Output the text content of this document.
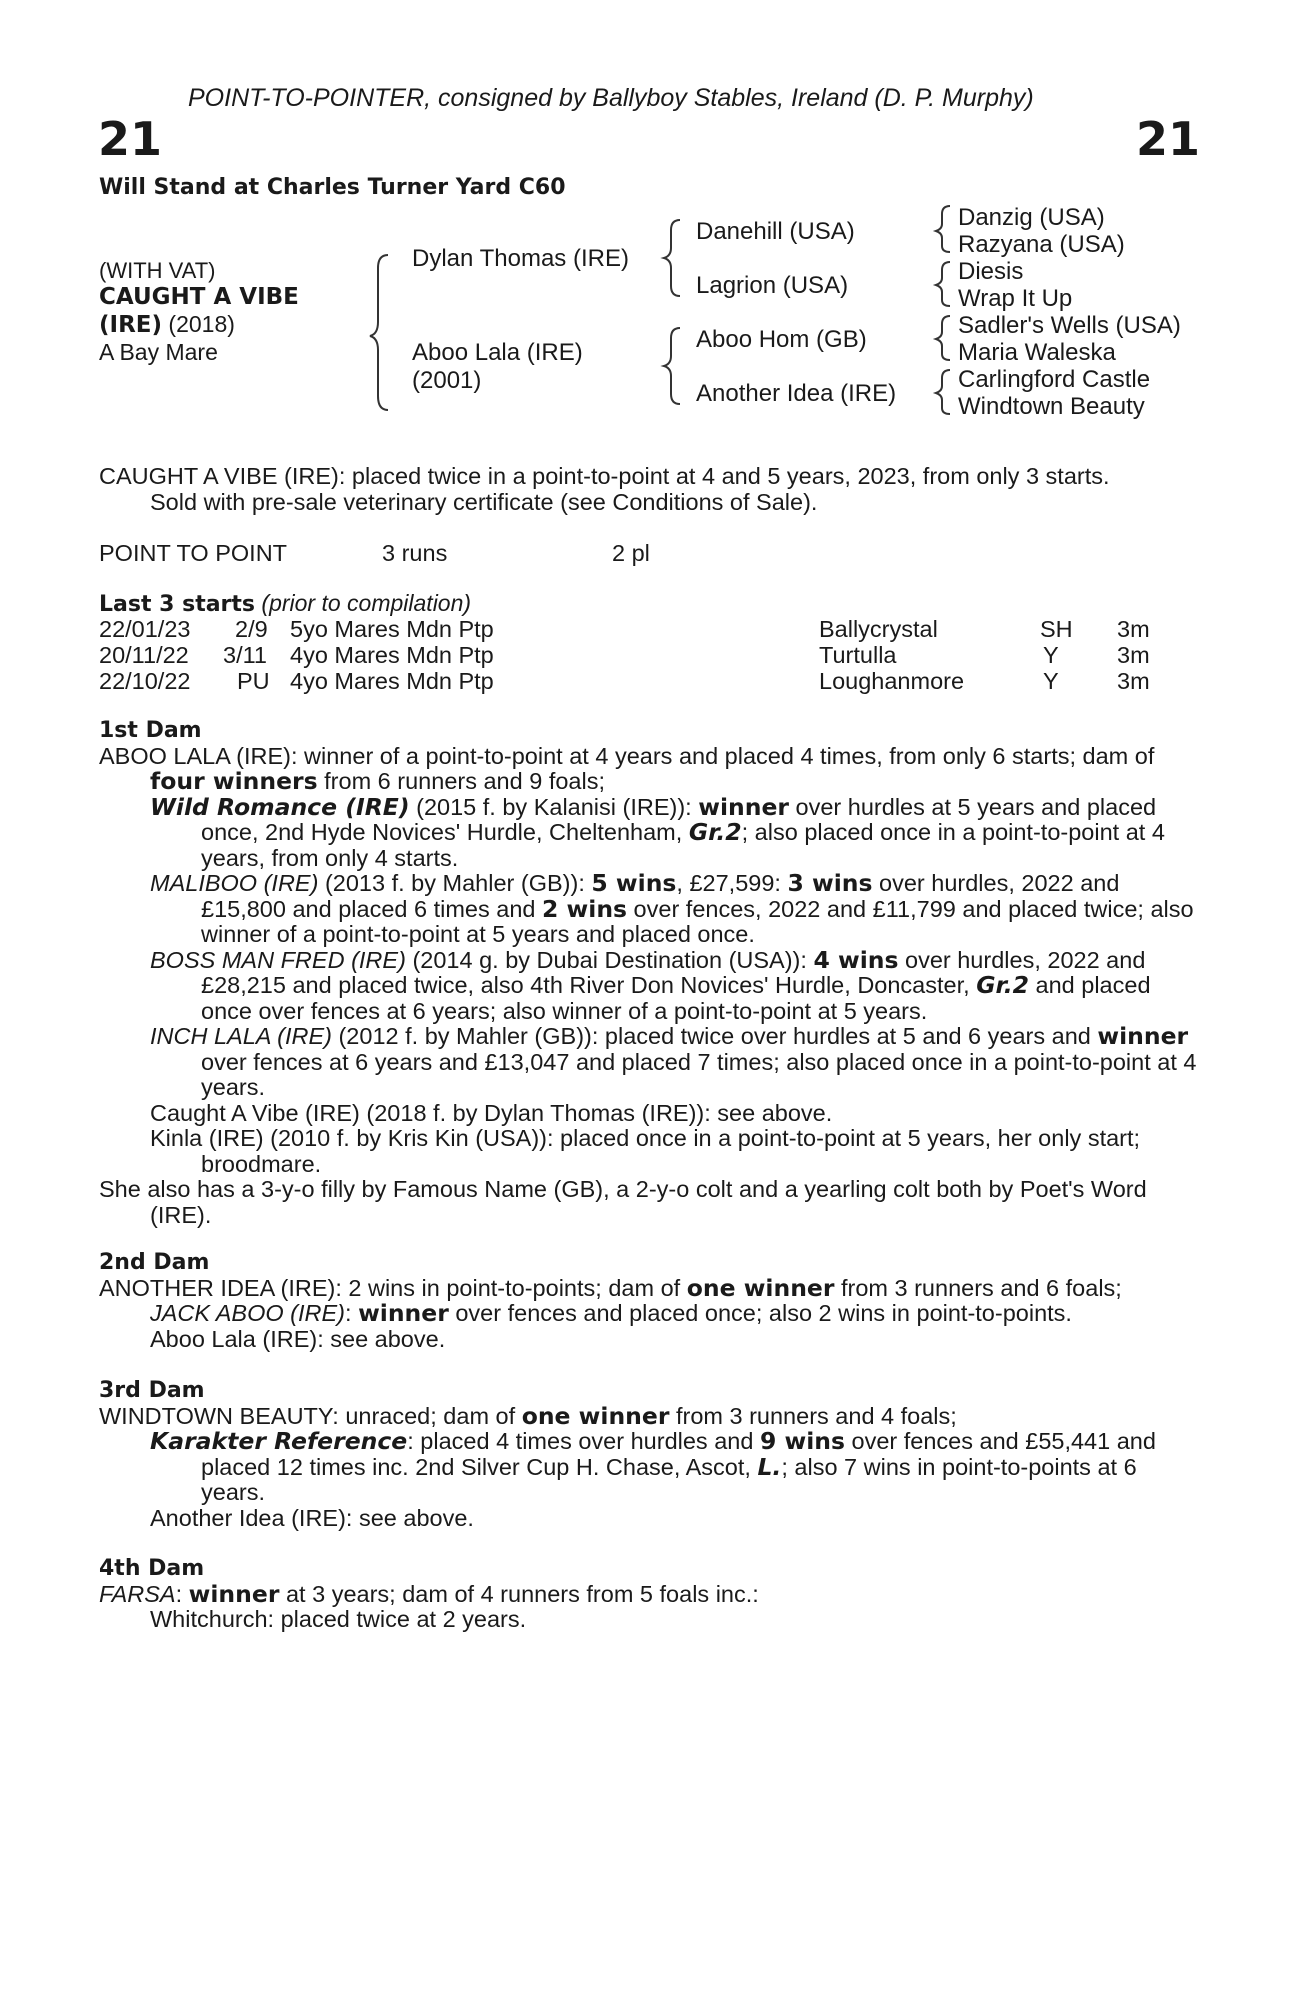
POINT-TO-POINTER, consigned by Ballyboy Stables, Ireland (D. P. Murphy)
21	21
Will Stand at Charles Turner Yard C60
(WITH VAT)
CAUGHT A VIBE
(IRE) (2018)
A Bay Mare
Dylan Thomas (IRE)
Aboo Lala (IRE)
(2001)
Danehill (USA)
Lagrion (USA)
Aboo Hom (GB)
Another Idea (IRE)
Danzig (USA)
Razyana (USA)
Diesis
Wrap It Up
Sadler's Wells (USA)
Maria Waleska
Carlingford Castle
Windtown Beauty

CAUGHT A VIBE (IRE): placed twice in a point-to-point at 4 and 5 years, 2023, from only 3 starts.

Sold with pre-sale veterinary certificate (see Conditions of Sale).

POINT TO POINT	3 runs	2 pl
Last 3 starts (prior to compilation)
22/01/23 2/9 5yo Mares Mdn Ptp	Ballycrystal	SH 3m
20/11/22 3/11 4yo Mares Mdn Ptp	Turtulla	Y 3m
22/10/22 PU 4yo Mares Mdn Ptp	Loughanmore	Y 3m

1st Dam

ABOO LALA (IRE): winner of a point-to-point at 4 years and placed 4 times, from only 6 starts; dam of four winners from 6 runners and 9 foals;

Wild Romance (IRE) (2015 f. by Kalanisi (IRE)): winner over hurdles at 5 years and placed once, 2nd Hyde Novices' Hurdle, Cheltenham, Gr.2; also placed once in a point-to-point at 4 years, from only 4 starts.

MALIBOO (IRE) (2013 f. by Mahler (GB)): 5 wins, £27,599: 3 wins over hurdles, 2022 and £15,800 and placed 6 times and 2 wins over fences, 2022 and £11,799 and placed twice; also winner of a point-to-point at 5 years and placed once.

BOSS MAN FRED (IRE) (2014 g. by Dubai Destination (USA)): 4 wins over hurdles, 2022 and £28,215 and placed twice, also 4th River Don Novices' Hurdle, Doncaster, Gr.2 and placed once over fences at 6 years; also winner of a point-to-point at 5 years.

INCH LALA (IRE) (2012 f. by Mahler (GB)): placed twice over hurdles at 5 and 6 years and winner over fences at 6 years and £13,047 and placed 7 times; also placed once in a point-to-point at 4 years.

Caught A Vibe (IRE) (2018 f. by Dylan Thomas (IRE)): see above.

Kinla (IRE) (2010 f. by Kris Kin (USA)): placed once in a point-to-point at 5 years, her only start; broodmare.

She also has a 3-y-o filly by Famous Name (GB), a 2-y-o colt and a yearling colt both by Poet's Word (IRE).

2nd Dam

ANOTHER IDEA (IRE): 2 wins in point-to-points; dam of one winner from 3 runners and 6 foals;

JACK ABOO (IRE): winner over fences and placed once; also 2 wins in point-to-points.

Aboo Lala (IRE): see above.

3rd Dam

WINDTOWN BEAUTY: unraced; dam of one winner from 3 runners and 4 foals;

Karakter Reference: placed 4 times over hurdles and 9 wins over fences and £55,441 and placed 12 times inc. 2nd Silver Cup H. Chase, Ascot, L.; also 7 wins in point-to-points at 6 years.

Another Idea (IRE): see above.

4th Dam

FARSA: winner at 3 years; dam of 4 runners from 5 foals inc.:

Whitchurch: placed twice at 2 years.
